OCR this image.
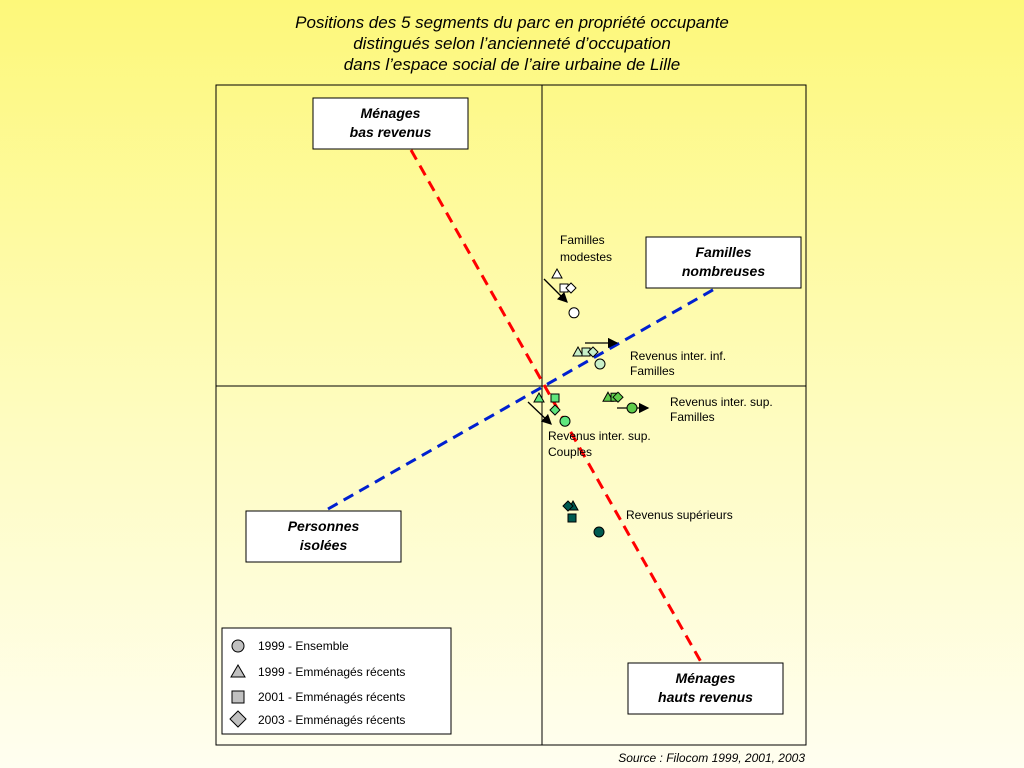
Positions des 5 segments du parc en propriété occupante
distingués selon l’ancienneté d’occupation
dans l’espace social de l’aire urbaine de Lille
Ménages
bas revenus
Familles
nombreuses
Personnes
isolées
Ménages
hauts revenus
Familles
modestes
Revenus inter. inf.
Familles
Revenus inter. sup.
Familles
Revenus inter. sup.
Couples
Revenus supérieurs
1999 - Ensemble
1999 - Emménagés récents
2001 - Emménagés récents
2003 - Emménagés récents
Source : Filocom 1999, 2001, 2003
